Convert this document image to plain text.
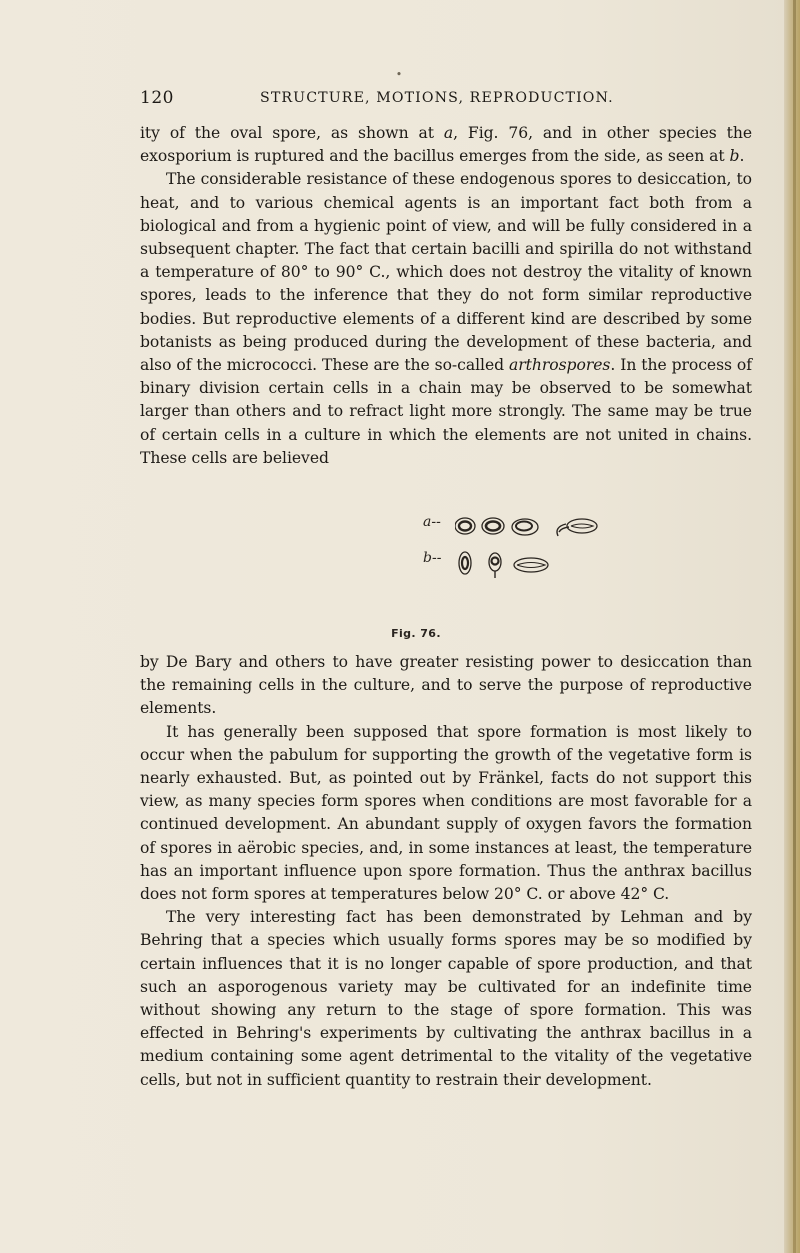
•
120	STRUCTURE, MOTIONS, REPRODUCTION.

ity of the oval spore, as shown at a, Fig. 76, and in other species the exosporium is ruptured and the bacillus emerges from the side, as seen at b.

The considerable resistance of these endogenous spores to desiccation, to heat, and to various chemical agents is an important fact both from a biological and from a hygienic point of view, and will be fully considered in a subsequent chapter. The fact that certain bacilli and spirilla do not withstand a temperature of 80° to 90° C., which does not destroy the vitality of known spores, leads to the inference that they do not form similar reproductive bodies. But reproductive elements of a different kind are described by some botanists as being produced during the development of these bacteria, and also of the micrococci. These are the so-called arthrospores. In the process of binary division certain cells in a chain may be observed to be somewhat larger than others and to refract light more strongly. The same may be true of certain cells in a culture in which the elements are not united in chains. These cells are believed

a--
b--
Fig. 76.

by De Bary and others to have greater resisting power to desiccation than the remaining cells in the culture, and to serve the purpose of reproductive elements.

It has generally been supposed that spore formation is most likely to occur when the pabulum for supporting the growth of the vegetative form is nearly exhausted. But, as pointed out by Fränkel, facts do not support this view, as many species form spores when conditions are most favorable for a continued development. An abundant supply of oxygen favors the formation of spores in aërobic species, and, in some instances at least, the temperature has an important influence upon spore formation. Thus the anthrax bacillus does not form spores at temperatures below 20° C. or above 42° C.

The very interesting fact has been demonstrated by Lehman and by Behring that a species which usually forms spores may be so modified by certain influences that it is no longer capable of spore production, and that such an asporogenous variety may be cultivated for an indefinite time without showing any return to the stage of spore formation. This was effected in Behring's experiments by cultivating the anthrax bacillus in a medium containing some agent detrimental to the vitality of the vegetative cells, but not in sufficient quantity to restrain their development.
